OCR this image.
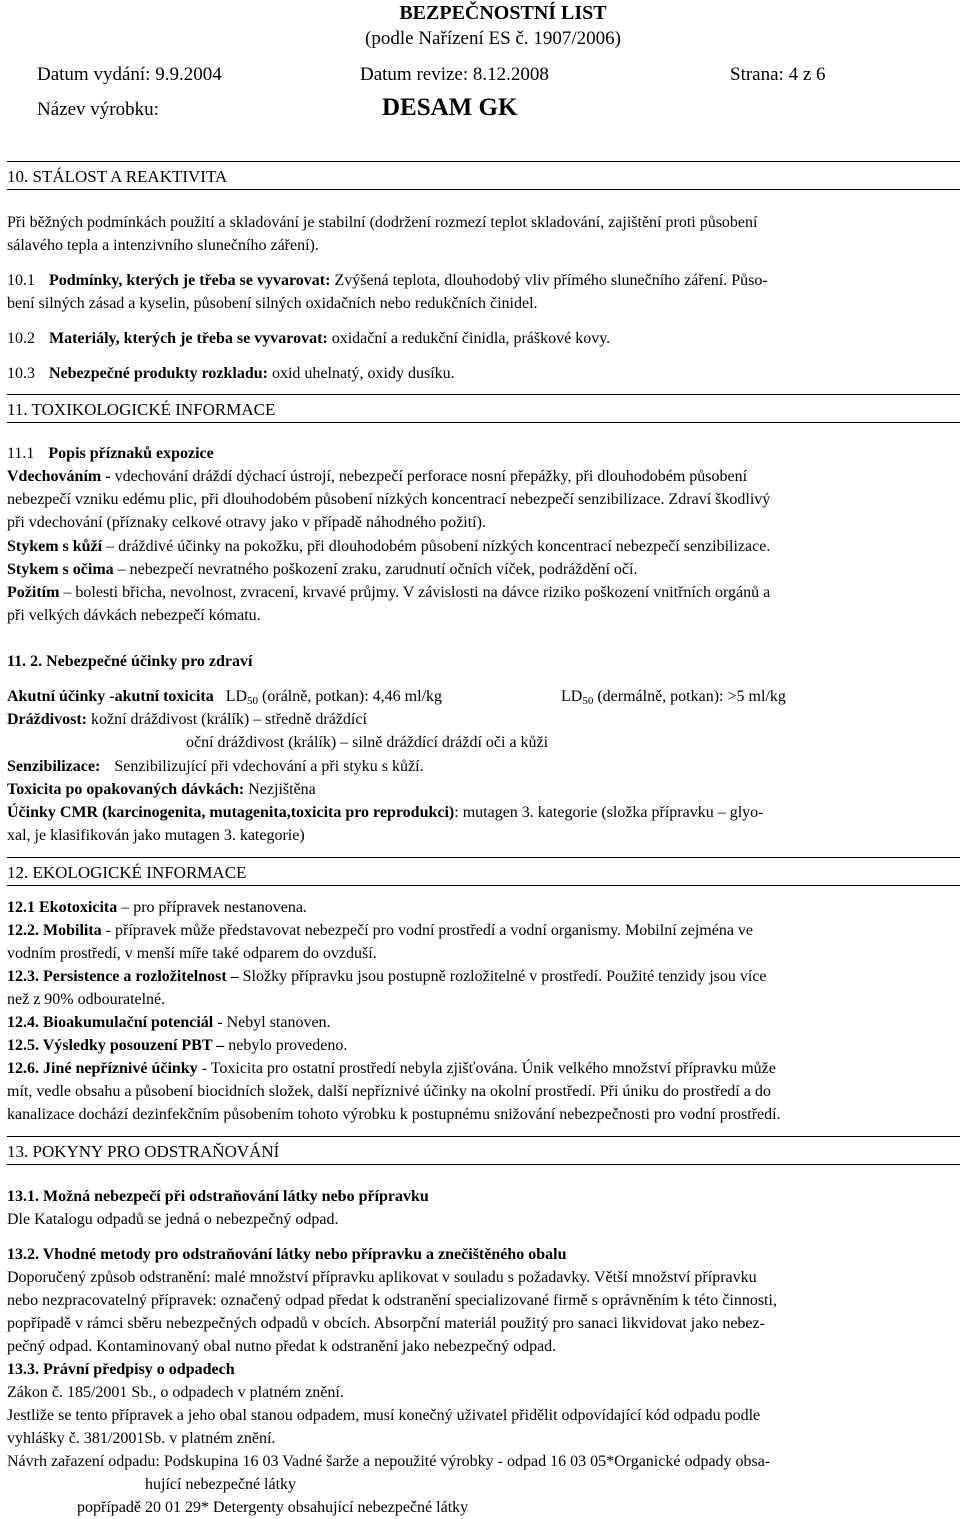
BEZPEČNOSTNÍ LIST
(podle Nařízení ES č. 1907/2006)
Datum vydání: 9.9.2004	Datum revize: 8.12.2008	Strana: 4 z 6
Název výrobku:	DESAM GK
10. STÁLOST A REAKTIVITA
Při běžných podmínkách použití a skladování je stabilní (dodržení rozmezí teplot skladování, zajištění proti působení
sálavého tepla a intenzivního slunečního záření).
10.1 Podmínky, kterých je třeba se vyvarovat: Zvýšená teplota, dlouhodobý vliv přímého slunečního záření. Půso-
bení silných zásad a kyselin, působení silných oxidačních nebo redukčních činidel.
10.2 Materiály, kterých je třeba se vyvarovat: oxidační a redukční činidla, práškové kovy.
10.3 Nebezpečné produkty rozkladu: oxid uhelnatý, oxidy dusíku.
11. TOXIKOLOGICKÉ INFORMACE
11.1 Popis příznaků expozice
Vdechováním - vdechování dráždí dýchací ústrojí, nebezpečí perforace nosní přepážky, při dlouhodobém působení
nebezpečí vzniku edému plic, při dlouhodobém působení nízkých koncentrací nebezpečí senzibilizace. Zdraví škodlivý
při vdechování (příznaky celkové otravy jako v případě náhodného požití).
Stykem s kůží – dráždivé účinky na pokožku, při dlouhodobém působení nízkých koncentrací nebezpečí senzibilizace.
Stykem s očima – nebezpečí nevratného poškození zraku, zarudnutí očních víček, podráždění očí.
Požitím – bolesti břicha, nevolnost, zvracení, krvavé průjmy. V závislosti na dávce riziko poškození vnitřních orgánů a
při velkých dávkách nebezpečí kómatu.
11. 2. Nebezpečné účinky pro zdraví
Akutní účinky -akutní toxicita $LD_{50}$ (orálně, potkan): 4,46 ml/kg	$LD_{50}$ (dermálně, potkan): >5 ml/kg
Dráždivost: kožní dráždivost (králík) – středně dráždící
oční dráždivost (králík) – silně dráždící dráždí oči a kůži
Senzibilizace: Senzibilizující při vdechování a při styku s kůží.
Toxicita po opakovaných dávkách: Nezjištěna
Účinky CMR (karcinogenita, mutagenita,toxicita pro reprodukci): mutagen 3. kategorie (složka přípravku – glyo-
xal, je klasifikován jako mutagen 3. kategorie)
12. EKOLOGICKÉ INFORMACE
12.1 Ekotoxicita – pro přípravek nestanovena.
12.2. Mobilita - přípravek může představovat nebezpečí pro vodní prostředí a vodní organismy. Mobilní zejména ve
vodním prostředí, v menší míře také odparem do ovzduší.
12.3. Persistence a rozložitelnost – Složky přípravku jsou postupně rozložitelné v prostředí. Použité tenzidy jsou více
než z 90% odbouratelné.
12.4. Bioakumulační potenciál - Nebyl stanoven.
12.5. Výsledky posouzení PBT – nebylo provedeno.
12.6. Jiné nepříznivé účinky - Toxicita pro ostatní prostředí nebyla zjišťována. Únik velkého množství přípravku může
mít, vedle obsahu a působení biocidních složek, další nepříznivé účinky na okolní prostředí. Při úniku do prostředí a do
kanalizace dochází dezinfekčním působením tohoto výrobku k postupnému snižování nebezpečnosti pro vodní prostředí.
13. POKYNY PRO ODSTRAŇOVÁNÍ
13.1. Možná nebezpečí při odstraňování látky nebo přípravku
Dle Katalogu odpadů se jedná o nebezpečný odpad.
13.2. Vhodné metody pro odstraňování látky nebo přípravku a znečištěného obalu
Doporučený způsob odstranění: malé množství přípravku aplikovat v souladu s požadavky. Větší množství přípravku
nebo nezpracovatelný přípravek: označený odpad předat k odstranění specializované firmě s oprávněním k této činnosti,
popřípadě v rámci sběru nebezpečných odpadů v obcích. Absorpční materiál použitý pro sanaci likvidovat jako nebez-
pečný odpad. Kontaminovaný obal nutno předat k odstranění jako nebezpečný odpad.
13.3. Právní předpisy o odpadech
Zákon č. 185/2001 Sb., o odpadech v platném znění.
Jestliže se tento přípravek a jeho obal stanou odpadem, musí konečný uživatel přidělit odpovídající kód odpadu podle
vyhlášky č. 381/2001Sb. v platném znění.
Návrh zařazení odpadu: Podskupina 16 03 Vadné šarže a nepoužité výrobky - odpad 16 03 05*Organické odpady obsa-
hující nebezpečné látky
popřípadě 20 01 29* Detergenty obsahující nebezpečné látky
